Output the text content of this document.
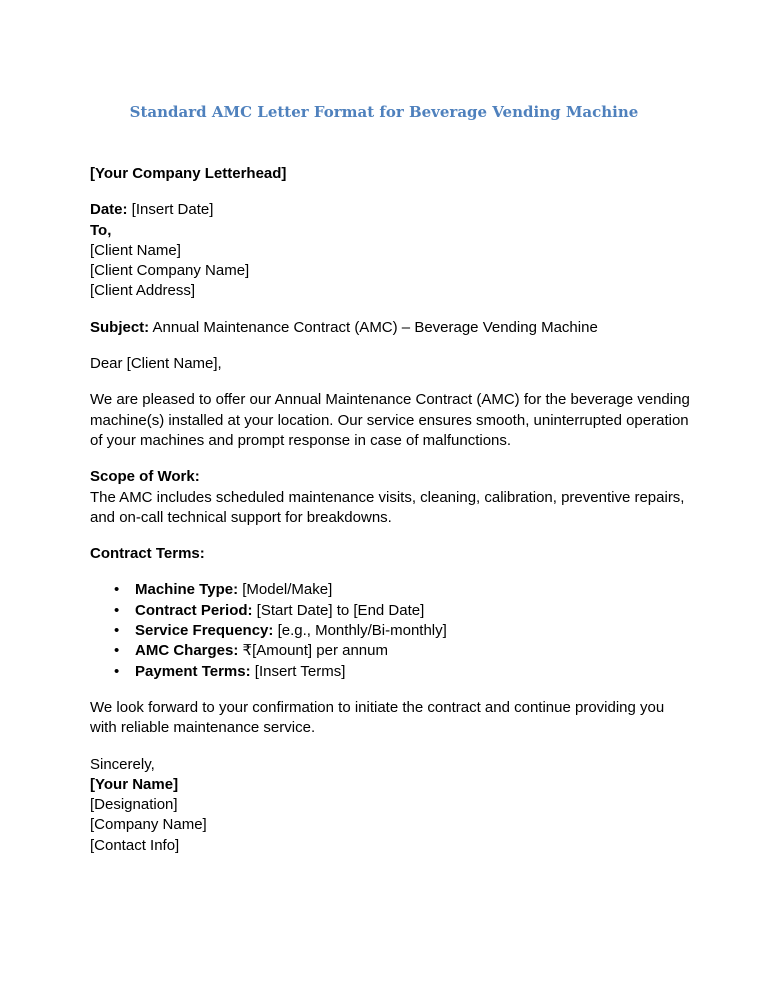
Standard AMC Letter Format for Beverage Vending Machine

[Your Company Letterhead]

Date: [Insert Date]

To,

[Client Name]

[Client Company Name]

[Client Address]

Subject: Annual Maintenance Contract (AMC) – Beverage Vending Machine

Dear [Client Name],

We are pleased to offer our Annual Maintenance Contract (AMC) for the beverage vending machine(s) installed at your location. Our service ensures smooth, uninterrupted operation of your machines and prompt response in case of malfunctions.

Scope of Work:

The AMC includes scheduled maintenance visits, cleaning, calibration, preventive repairs, and on-call technical support for breakdowns.

Contract Terms:

• Machine Type: [Model/Make]
• Contract Period: [Start Date] to [End Date]
• Service Frequency: [e.g., Monthly/Bi-monthly]
• AMC Charges: ₹[Amount] per annum
• Payment Terms: [Insert Terms]

We look forward to your confirmation to initiate the contract and continue providing you with reliable maintenance service.

Sincerely,

[Your Name]

[Designation]

[Company Name]

[Contact Info]
